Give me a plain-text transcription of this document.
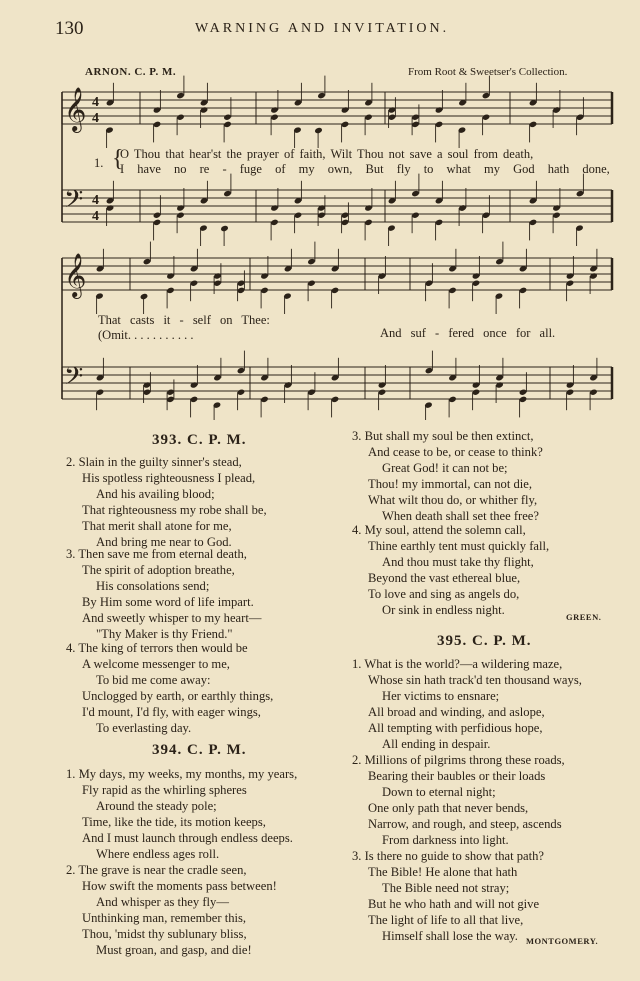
130	WARNING AND INVITATION.
ARNON. C. P. M.	From Root & Sweetser's Collection.
𝄞 4
4
𝄢 4
4
𝄞
𝄢
1. {
O Thou that hear'st the prayer of faith, Wilt Thou not save a soul from death,
I have no re - fuge of my own, But fly to what my God hath done,
That casts it - self on Thee:
(Omit. . . . . . . . . . .	And suf - fered once for all.
393. C. P. M.
2. Slain in the guilty sinner's stead,
His spotless righteousness I plead,
And his availing blood;
That righteousness my robe shall be,
That merit shall atone for me,
And bring me near to God.
3. Then save me from eternal death,
The spirit of adoption breathe,
His consolations send;
By Him some word of life impart.
And sweetly whisper to my heart—
"Thy Maker is thy Friend."
4. The king of terrors then would be
A welcome messenger to me,
To bid me come away:
Unclogged by earth, or earthly things,
I'd mount, I'd fly, with eager wings,
To everlasting day.
394. C. P. M.
1. My days, my weeks, my months, my years,
Fly rapid as the whirling spheres
Around the steady pole;
Time, like the tide, its motion keeps,
And I must launch through endless deeps.
Where endless ages roll.
2. The grave is near the cradle seen,
How swift the moments pass between!
And whisper as they fly—
Unthinking man, remember this,
Thou, 'midst thy sublunary bliss,
Must groan, and gasp, and die!
3. But shall my soul be then extinct,
And cease to be, or cease to think?
Great God! it can not be;
Thou! my immortal, can not die,
What wilt thou do, or whither fly,
When death shall set thee free?
4. My soul, attend the solemn call,
Thine earthly tent must quickly fall,
And thou must take thy flight,
Beyond the vast ethereal blue,
To love and sing as angels do,
Or sink in endless night.
GREEN.
395. C. P. M.
1. What is the world?—a wildering maze,
Whose sin hath track'd ten thousand ways,
Her victims to ensnare;
All broad and winding, and aslope,
All tempting with perfidious hope,
All ending in despair.
2. Millions of pilgrims throng these roads,
Bearing their baubles or their loads
Down to eternal night;
One only path that never bends,
Narrow, and rough, and steep, ascends
From darkness into light.
3. Is there no guide to show that path?
The Bible! He alone that hath
The Bible need not stray;
But he who hath and will not give
The light of life to all that live,
Himself shall lose the way. MONTGOMERY.
